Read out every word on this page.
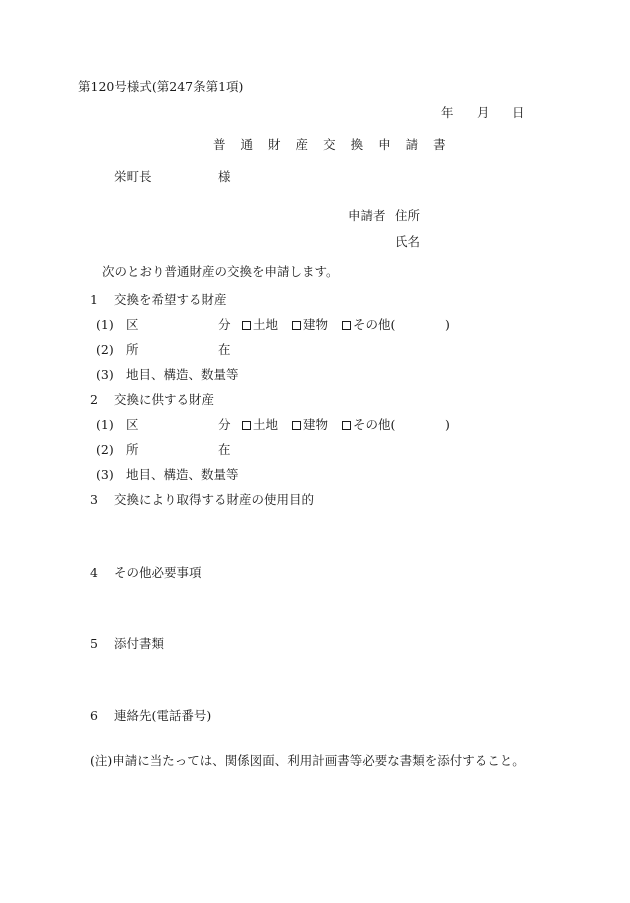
第120号様式(第247条第1項)
年 月 日
普 通 財 産 交 換 申 請 書
栄町長	様
申請者 住所
氏名
次のとおり普通財産の交換を申請します。
1 交換を希望する財産
(1) 区	分	土地 建物 その他(	)
(2) 所	在
(3) 地目、構造、数量等
2 交換に供する財産
(1) 区	分	土地 建物 その他(	)
(2) 所	在
(3) 地目、構造、数量等
3 交換により取得する財産の使用目的
4 その他必要事項
5 添付書類
6 連絡先(電話番号)
(注)申請に当たっては、関係図面、利用計画書等必要な書類を添付すること。
